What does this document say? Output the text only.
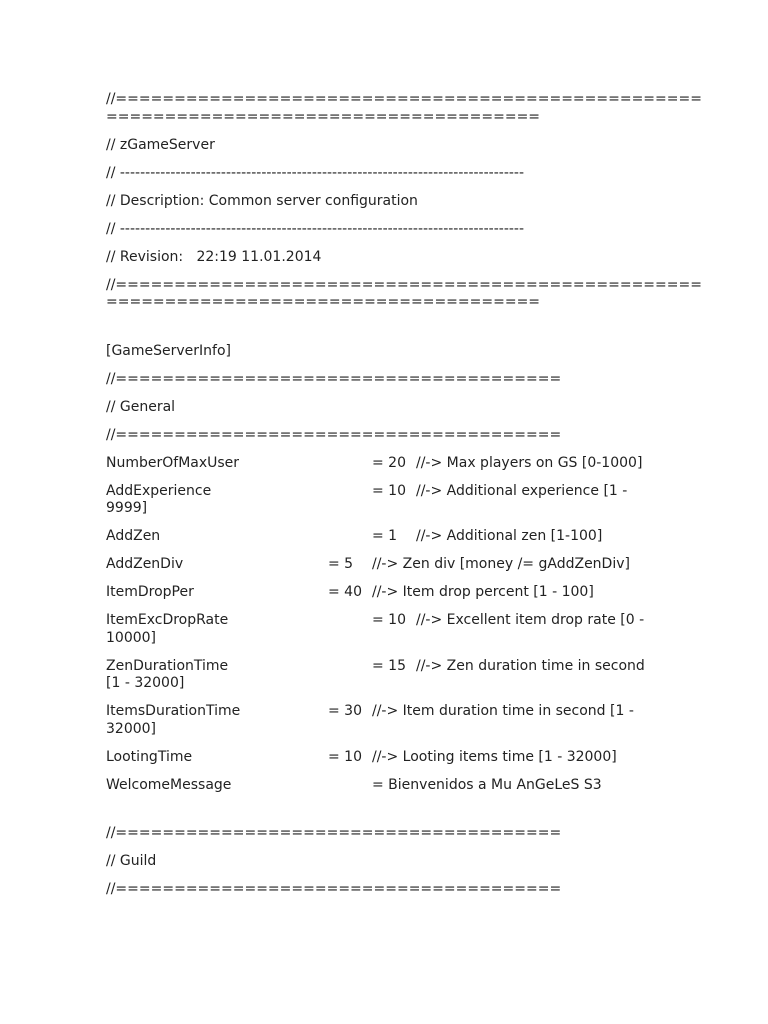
//==================================================
=====================================
// zGameServer
// --------------------------------------------------------------------------------
// Description: Common server configuration
// --------------------------------------------------------------------------------
// Revision:   22:19 11.01.2014
//==================================================
=====================================
[GameServerInfo]
//======================================
// General
//======================================
NumberOfMaxUser	= 20 //-> Max players on GS [0-1000]
AddExperience	= 10 //-> Additional experience [1 -
9999]
AddZen	= 1 //-> Additional zen [1-100]
AddZenDiv	= 5 //-> Zen div [money /= gAddZenDiv]
ItemDropPer	= 40 //-> Item drop percent [1 - 100]
ItemExcDropRate	= 10 //-> Excellent item drop rate [0 -
10000]
ZenDurationTime	= 15 //-> Zen duration time in second
[1 - 32000]
ItemsDurationTime	= 30 //-> Item duration time in second [1 -
32000]
LootingTime	= 10 //-> Looting items time [1 - 32000]
WelcomeMessage	= Bienvenidos a Mu AnGeLeS S3
//======================================
// Guild
//======================================
